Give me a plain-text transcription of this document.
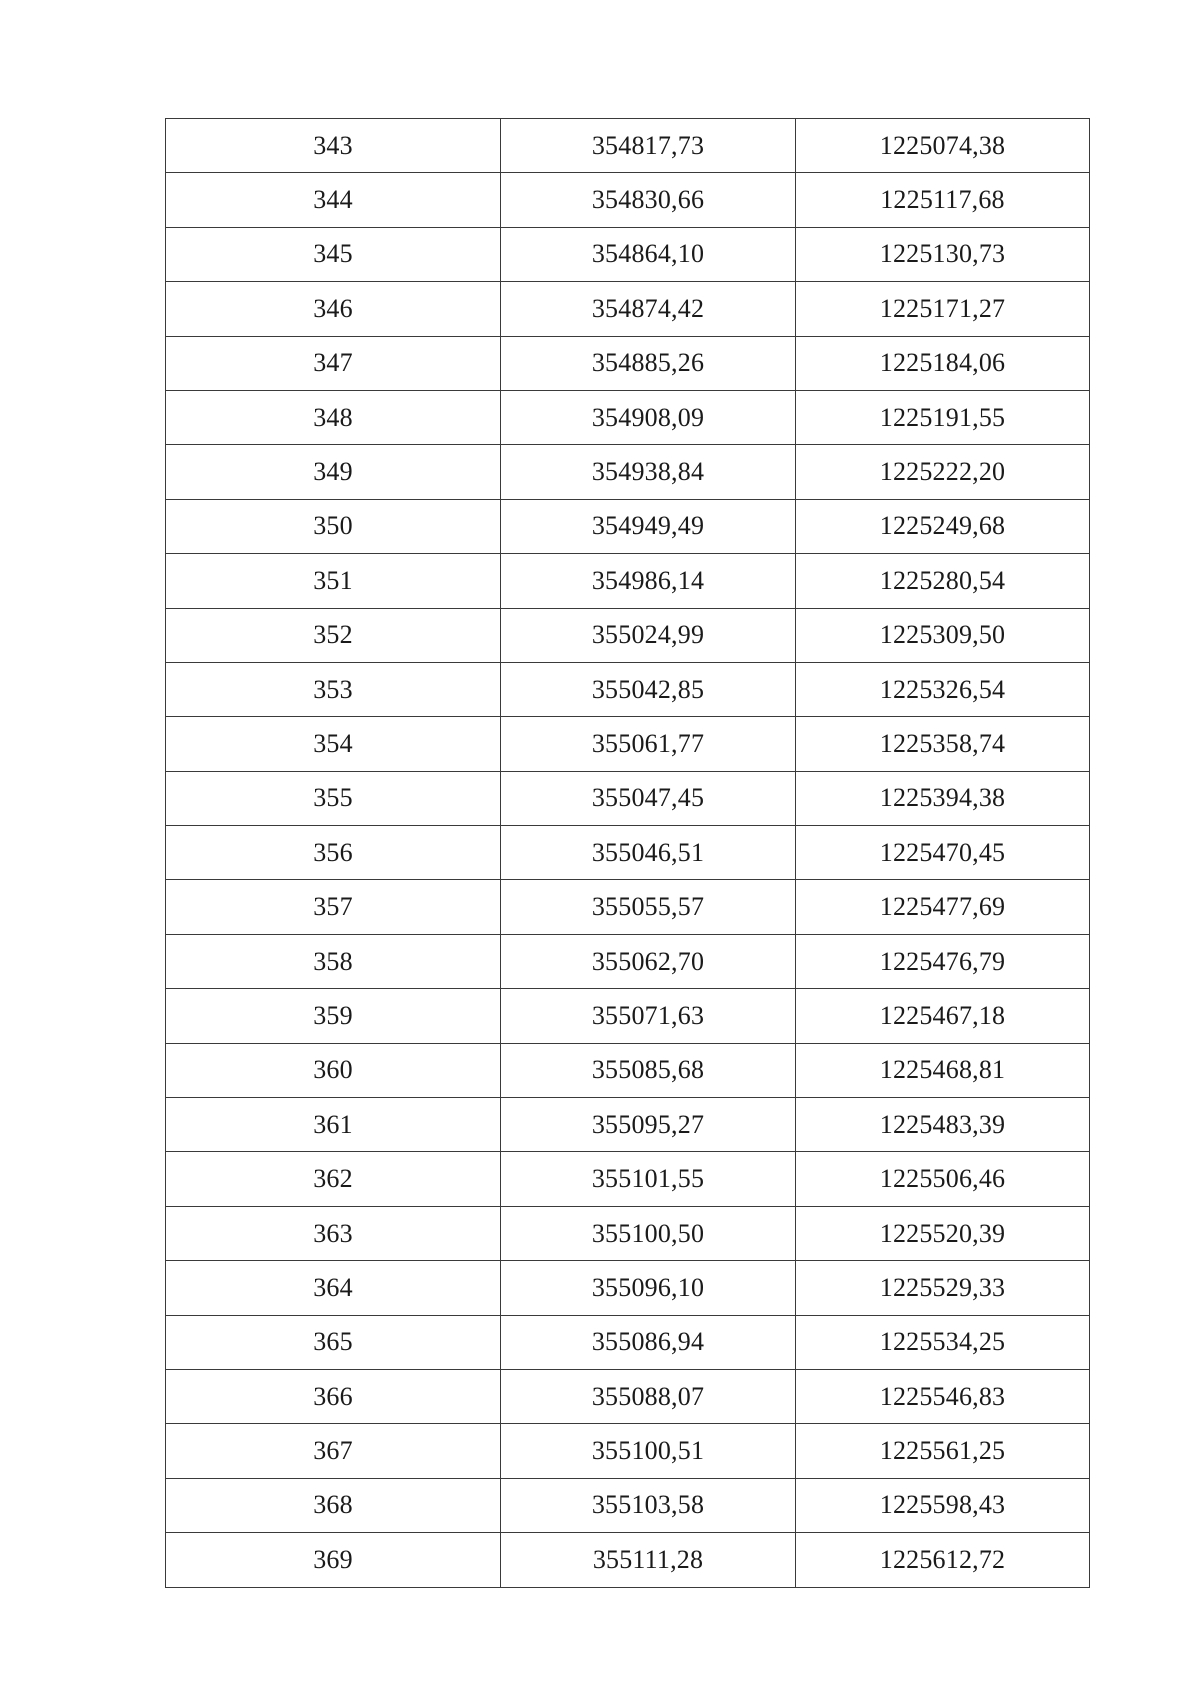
343	354817,73	1225074,38
344	354830,66	1225117,68
345	354864,10	1225130,73
346	354874,42	1225171,27
347	354885,26	1225184,06
348	354908,09	1225191,55
349	354938,84	1225222,20
350	354949,49	1225249,68
351	354986,14	1225280,54
352	355024,99	1225309,50
353	355042,85	1225326,54
354	355061,77	1225358,74
355	355047,45	1225394,38
356	355046,51	1225470,45
357	355055,57	1225477,69
358	355062,70	1225476,79
359	355071,63	1225467,18
360	355085,68	1225468,81
361	355095,27	1225483,39
362	355101,55	1225506,46
363	355100,50	1225520,39
364	355096,10	1225529,33
365	355086,94	1225534,25
366	355088,07	1225546,83
367	355100,51	1225561,25
368	355103,58	1225598,43
369	355111,28	1225612,72
